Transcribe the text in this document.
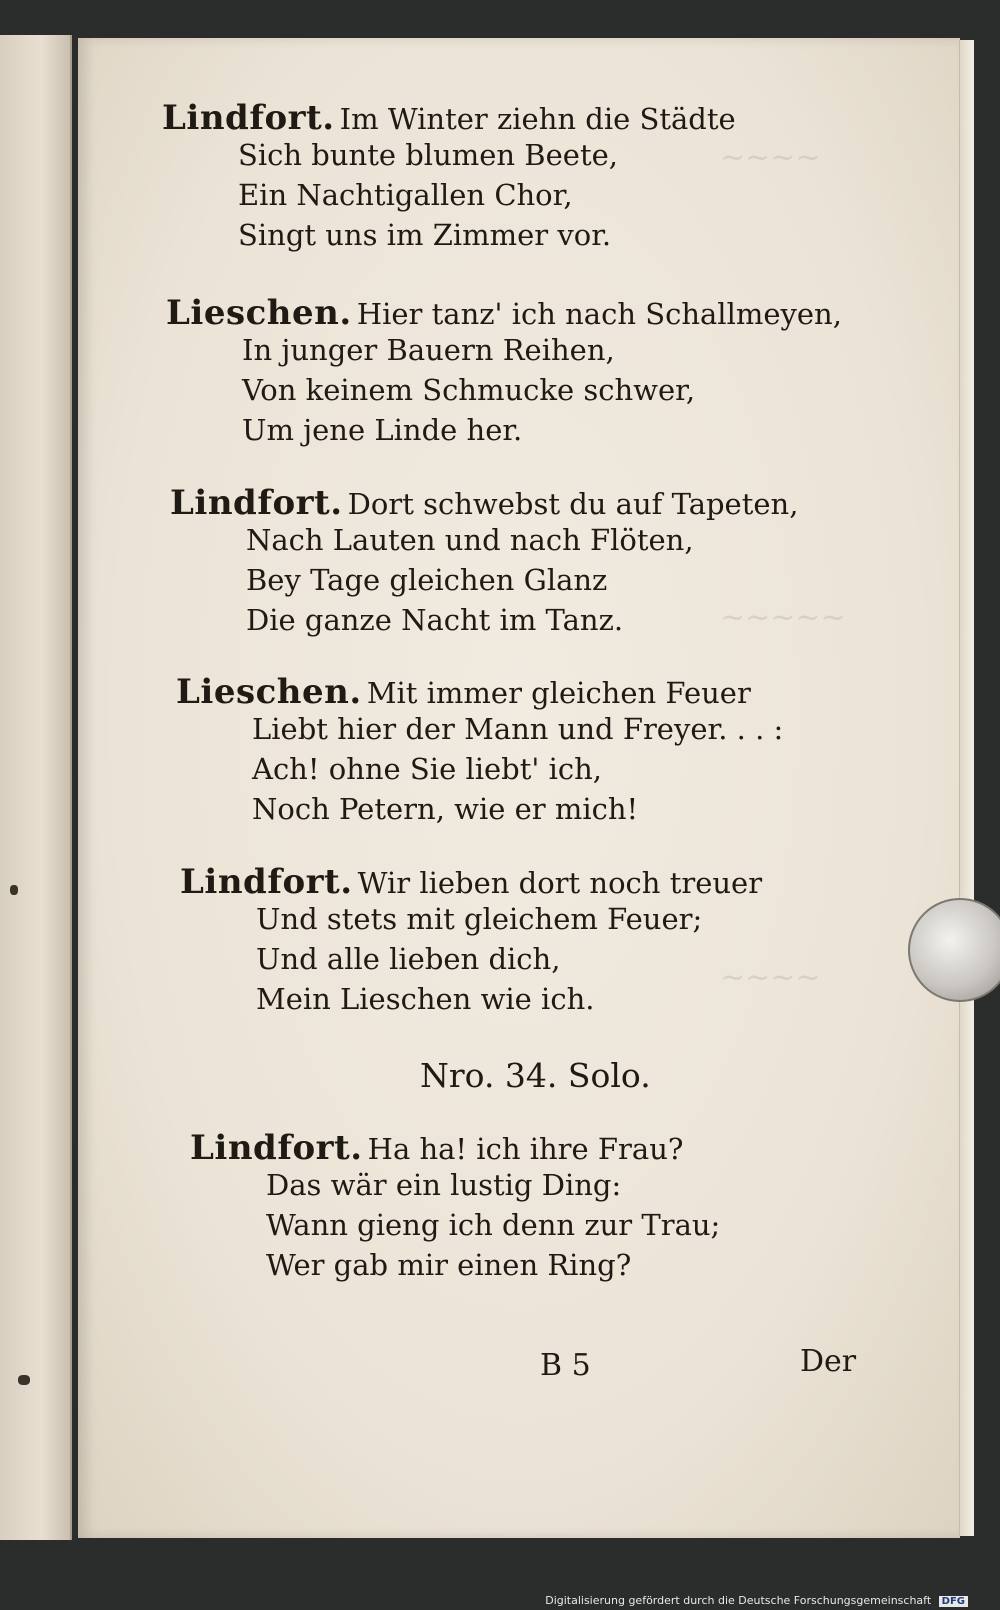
~~~~
~~~~~
~~~~
Lindfort. Im Winter ziehn die Städte
Sich bunte blumen Beete,
Ein Nachtigallen Chor,
Singt uns im Zimmer vor.
Lieschen. Hier tanz' ich nach Schallmeyen,
In junger Bauern Reihen,
Von keinem Schmucke schwer,
Um jene Linde her.
Lindfort. Dort schwebst du auf Tapeten,
Nach Lauten und nach Flöten,
Bey Tage gleichen Glanz
Die ganze Nacht im Tanz.
Lieschen. Mit immer gleichen Feuer
Liebt hier der Mann und Freyer. . . :
Ach! ohne Sie liebt' ich,
Noch Petern, wie er mich!
Lindfort. Wir lieben dort noch treuer
Und stets mit gleichem Feuer;
Und alle lieben dich,
Mein Lieschen wie ich.
Nro. 34. Solo.
Lindfort. Ha ha! ich ihre Frau?
Das wär ein lustig Ding:
Wann gieng ich denn zur Trau;
Wer gab mir einen Ring?
B 5	Der
Digitalisierung gefördert durch die Deutsche Forschungsgemeinschaft DFG
